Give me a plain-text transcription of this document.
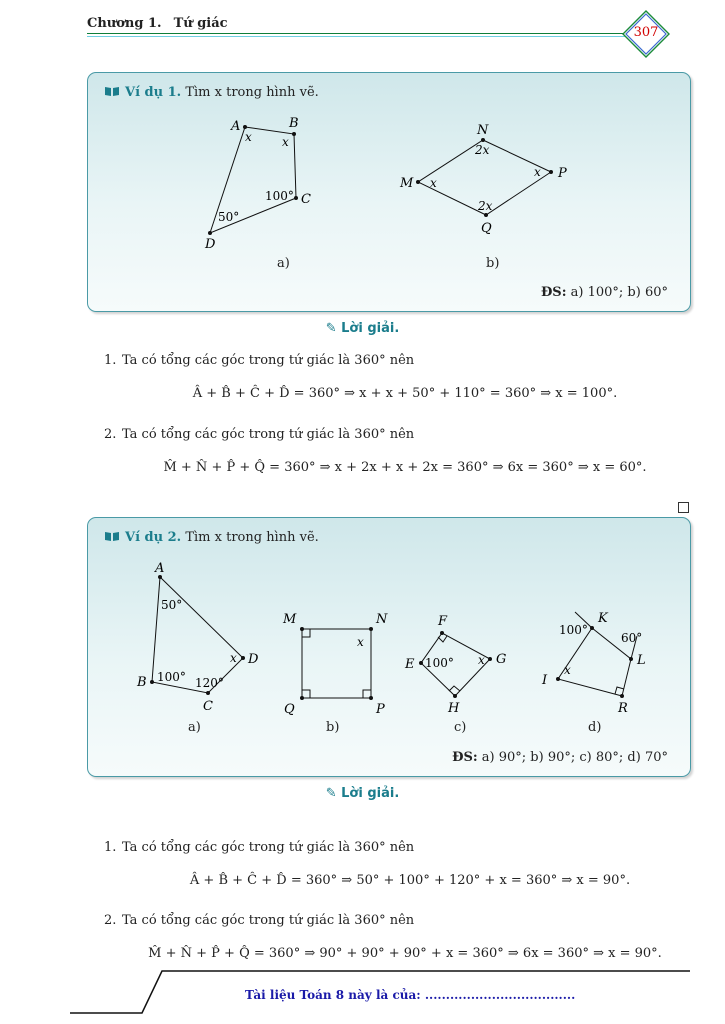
Chương 1. Tứ giác
307
Ví dụ 1. Tìm x trong hình vẽ.
A	B
C
D
x	x
100°
50°
a)
N
M
P
Q
2x
x
x
2x
b)
ĐS: a) 100°; b) 60°
✎ Lời giải.
1. Ta có tổng các góc trong tứ giác là 360° nên
Â + B̂ + Ĉ + D̂ = 360° ⇒ x + x + 50° + 110° = 360° ⇒ x = 100°.
2. Ta có tổng các góc trong tứ giác là 360° nên
M̂ + N̂ + P̂ + Q̂ = 360° ⇒ x + 2x + x + 2x = 360° ⇒ 6x = 360° ⇒ x = 60°.
Ví dụ 2. Tìm x trong hình vẽ.
A
50°
D
x
B 100° 120°
C
a)
M	N
x
Q	P
b)
F
G
E 100° x
H
c)
K
100°
60°
L
I
x
R
d)
ĐS: a) 90°; b) 90°; c) 80°; d) 70°
✎ Lời giải.
1. Ta có tổng các góc trong tứ giác là 360° nên
Â + B̂ + Ĉ + D̂ = 360° ⇒ 50° + 100° + 120° + x = 360° ⇒ x = 90°.
2. Ta có tổng các góc trong tứ giác là 360° nên
M̂ + N̂ + P̂ + Q̂ = 360° ⇒ 90° + 90° + 90° + x = 360° ⇒ 6x = 360° ⇒ x = 90°.
Tài liệu Toán 8 này là của: ....................................
